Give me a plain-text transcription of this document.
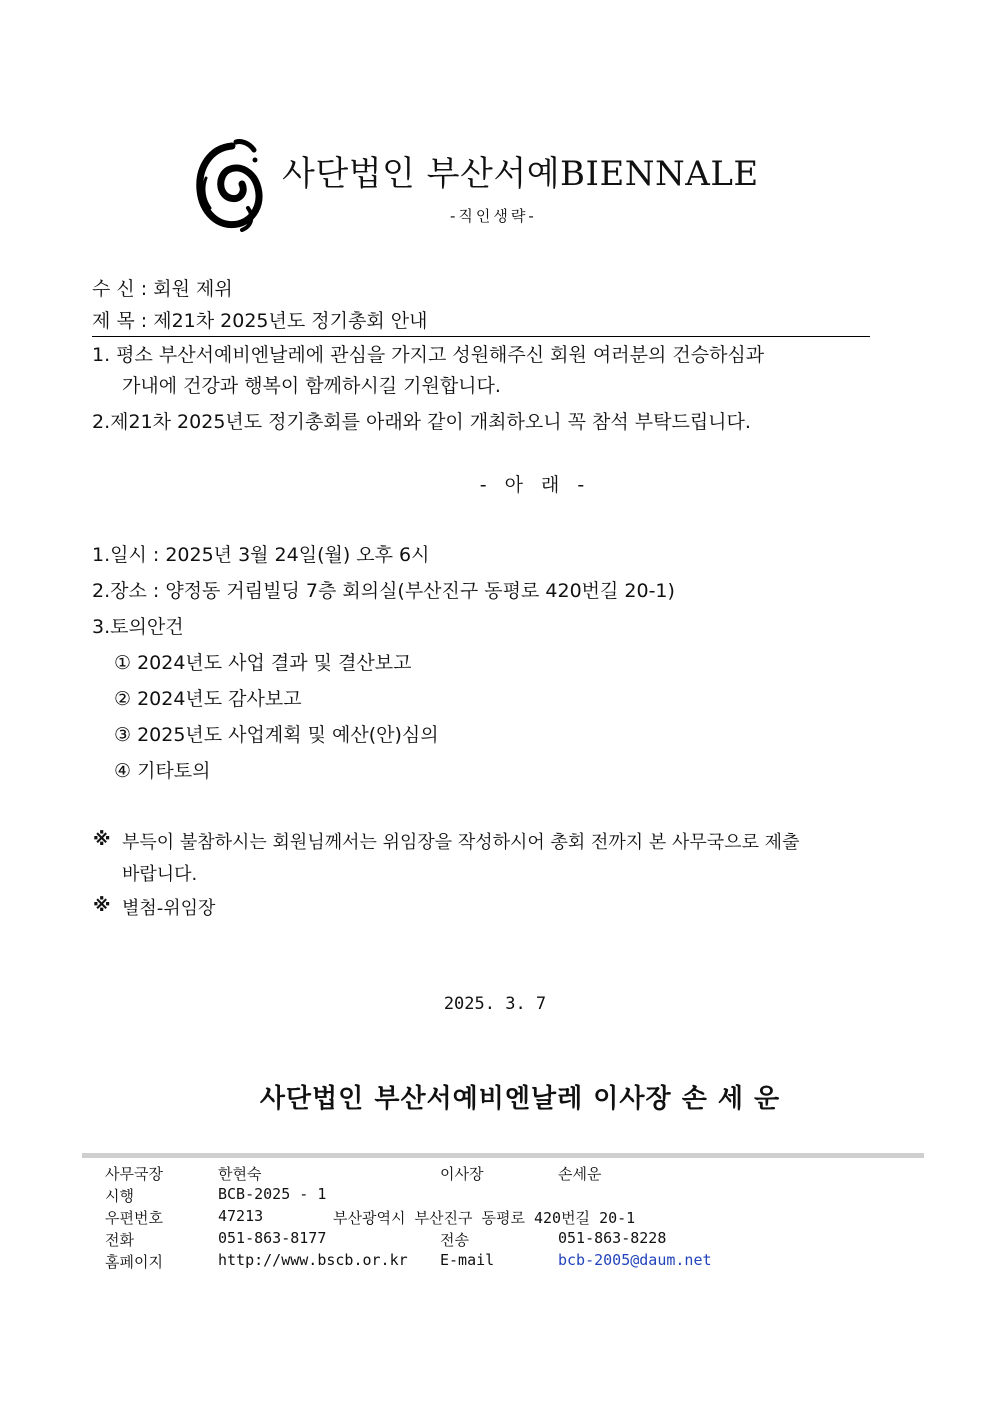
사단법인 부산서예BIENNALE
-직인생략-
수 신 : 회원 제위
제 목 : 제21차 2025년도 정기총회 안내
1. 평소 부산서예비엔날레에 관심을 가지고 성원해주신 회원 여러분의 건승하심과
가내에 건강과 행복이 함께하시길 기원합니다.
2.제21차 2025년도 정기총회를 아래와 같이 개최하오니 꼭 참석 부탁드립니다.
- 아 래 -
1.일시 : 2025년 3월 24일(월) 오후 6시
2.장소 : 양정동 거림빌딩 7층 회의실(부산진구 동평로 420번길 20-1)
3.토의안건
① 2024년도 사업 결과 및 결산보고
② 2024년도 감사보고
③ 2025년도 사업계획 및 예산(안)심의
④ 기타토의
※ 부득이 불참하시는 회원님께서는 위임장을 작성하시어 총회 전까지 본 사무국으로 제출
바랍니다.
※ 별첨-위임장
2025. 3. 7
사단법인 부산서예비엔날레 이사장 손 세 운
사무국장	한현숙	이사장	손세운
시행	BCB-2025 - 1
우편번호	47213	부산광역시 부산진구 동평로 420번길 20-1
전화	051-863-8177	전송	051-863-8228
홈페이지	http://www.bscb.or.kr E-mail	bcb-2005@daum.net
